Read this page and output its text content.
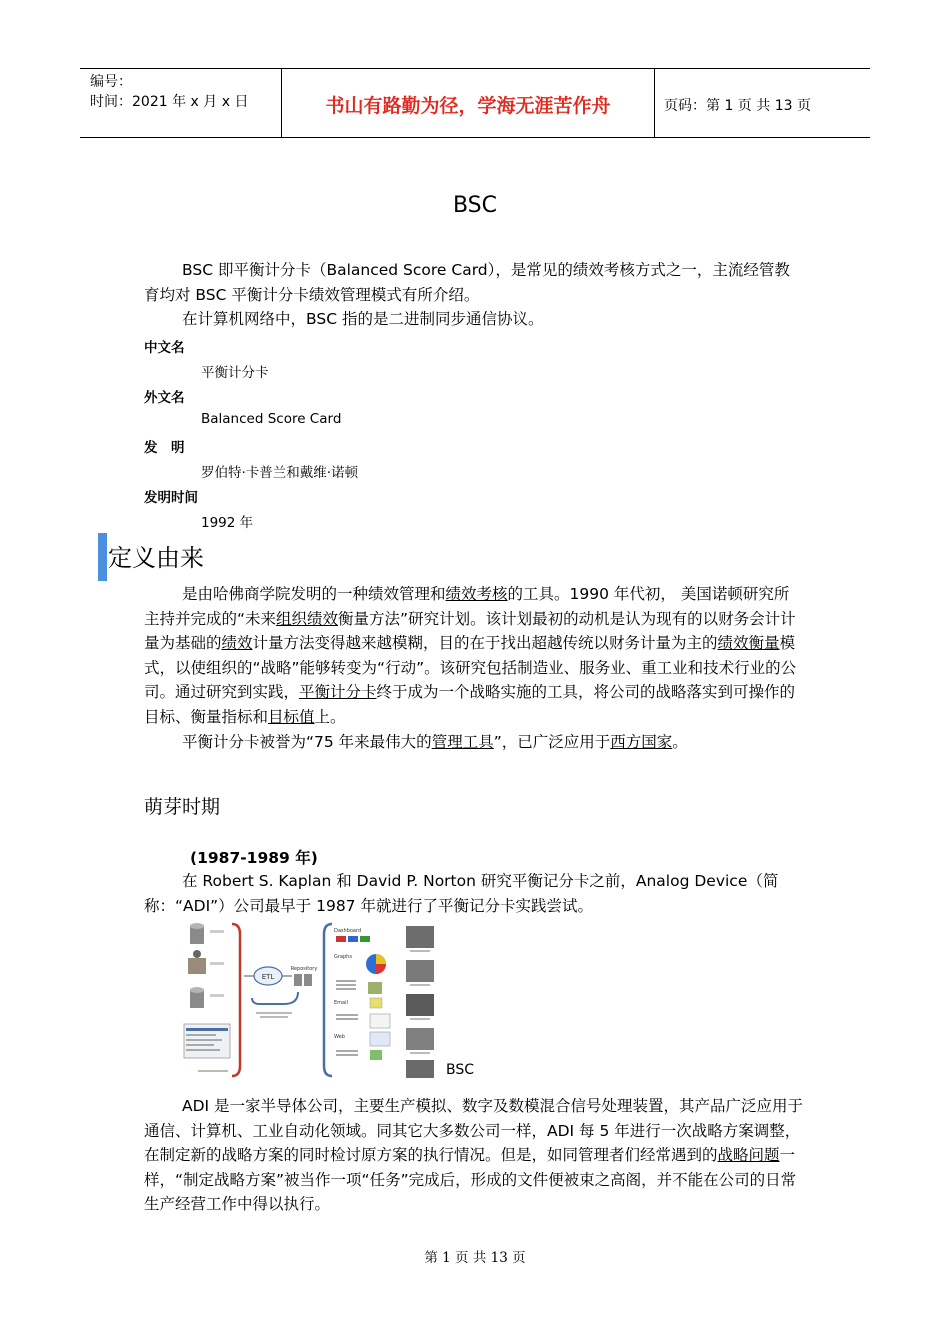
编号：
时间：2021 年 x 月 x 日	书山有路勤为径，学海无涯苦作舟	页码：第 1 页 共 13 页
BSC
BSC 即平衡计分卡（Balanced Score Card），是常见的绩效考核方式之一，主流经管教育均对 BSC 平衡计分卡绩效管理模式有所介绍。
在计算机网络中，BSC 指的是二进制同步通信协议。
中文名
平衡计分卡
外文名
Balanced Score Card
发　明
罗伯特·卡普兰和戴维·诺顿
发明时间
1992 年
定义由来
是由哈佛商学院发明的一种绩效管理和绩效考核的工具。1990 年代初， 美国诺顿研究所主持并完成的“未来组织绩效衡量方法”研究计划。该计划最初的动机是认为现有的以财务会计计量为基础的绩效计量方法变得越来越模糊，目的在于找出超越传统以财务计量为主的绩效衡量模式，以使组织的“战略”能够转变为“行动”。该研究包括制造业、服务业、重工业和技术行业的公司。通过研究到实践，平衡计分卡终于成为一个战略实施的工具，将公司的战略落实到可操作的目标、衡量指标和目标值上。
平衡计分卡被誉为“75 年来最伟大的管理工具”，已广泛应用于西方国家。
萌芽时期
(1987-1989 年)
在 Robert S. Kaplan 和 David P. Norton 研究平衡记分卡之前，Analog Device（简称：“ADI”）公司最早于 1987 年就进行了平衡记分卡实践尝试。
ETL
Repository
Dashboard
Graphs
Email
Web
BSC
ADI 是一家半导体公司，主要生产模拟、数字及数模混合信号处理装置，其产品广泛应用于通信、计算机、工业自动化领域。同其它大多数公司一样，ADI 每 5 年进行一次战略方案调整，在制定新的战略方案的同时检讨原方案的执行情况。但是，如同管理者们经常遇到的战略问题一样，“制定战略方案”被当作一项“任务”完成后，形成的文件便被束之高阁，并不能在公司的日常生产经营工作中得以执行。
第 1 页 共 13 页
